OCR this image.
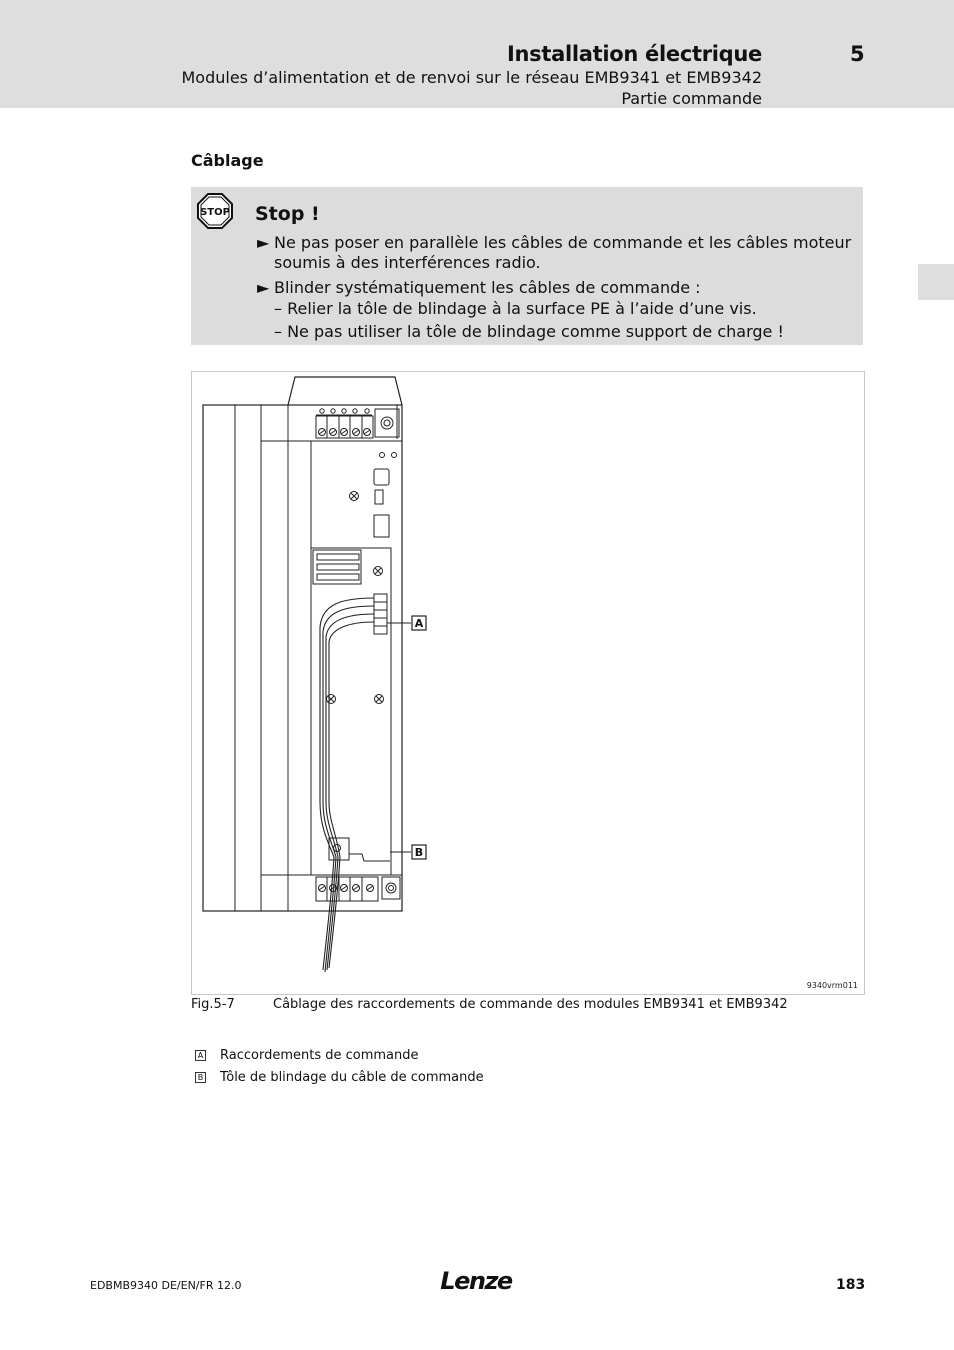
Installation électrique	5
Modules d’alimentation et de renvoi sur le réseau EMB9341 et EMB9342
Partie commande
Câblage
STOP Stop !
► Ne pas poser en parallèle les câbles de commande et les câbles moteur
soumis à des interférences radio.
► Blinder systématiquement les câbles de commande :
– Relier la tôle de blindage à la surface PE à l’aide d’une vis.
– Ne pas utiliser la tôle de blindage comme support de charge !
A
B
9340vrm011
Fig.5-7	Câblage des raccordements de commande des modules EMB9341 et EMB9342
A Raccordements de commande
B Tôle de blindage du câble de commande
EDBMB9340 DE/EN/FR 12.0	Lenze	183
